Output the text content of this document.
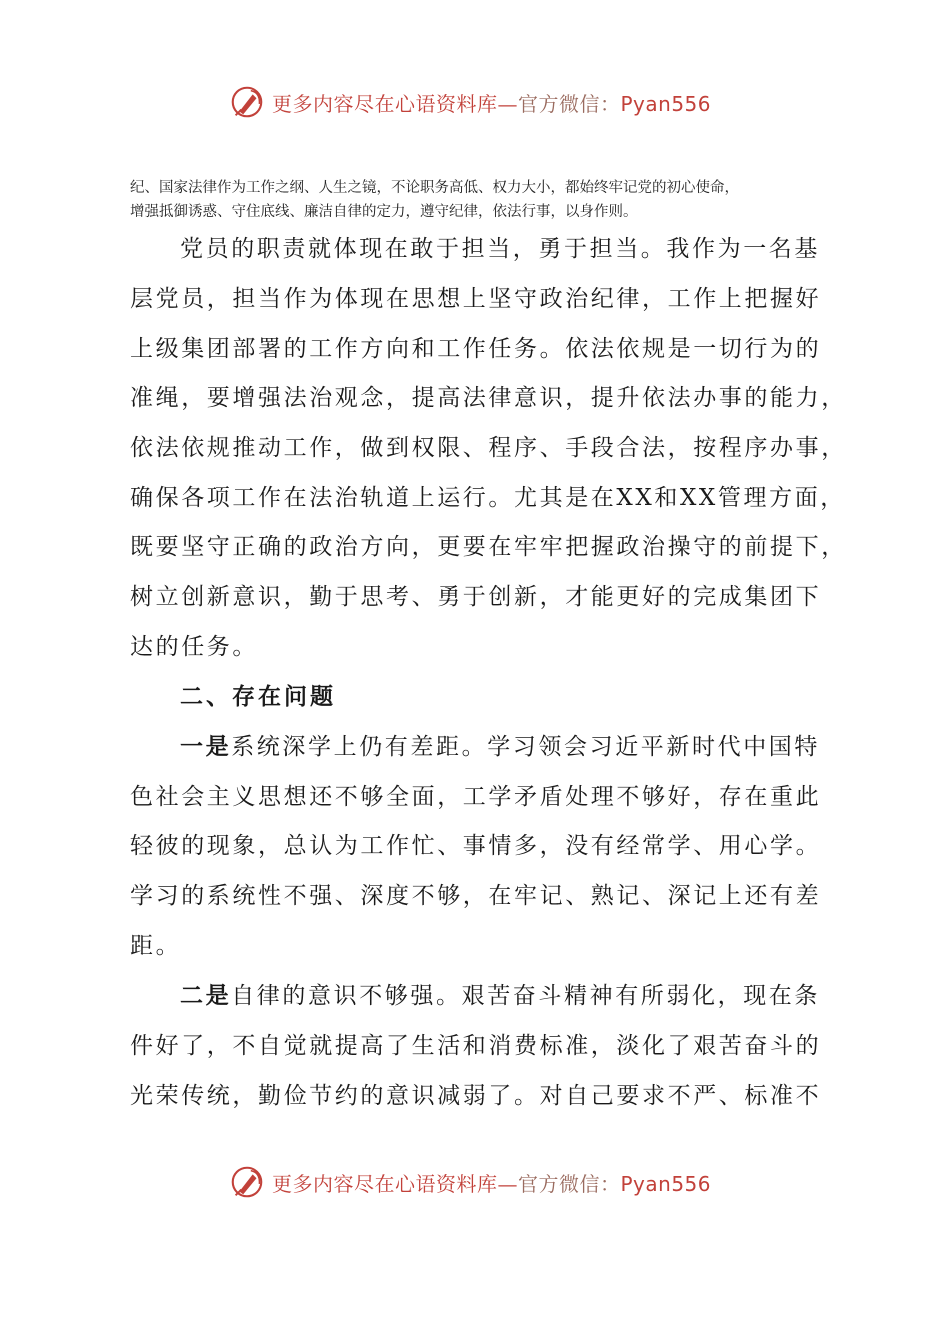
更多内容尽在心语资料库—官方微信：Pyan556
纪、国家法律作为工作之纲、人生之镜，不论职务高低、权力大小，都始终牢记党的初心使命，
增强抵御诱惑、守住底线、廉洁自律的定力，遵守纪律，依法行事，以身作则。
党员的职责就体现在敢于担当，勇于担当。我作为一名基
层党员，担当作为体现在思想上坚守政治纪律，工作上把握好
上级集团部署的工作方向和工作任务。依法依规是一切行为的
准绳，要增强法治观念，提高法律意识，提升依法办事的能力，
依法依规推动工作，做到权限、程序、手段合法，按程序办事，
确保各项工作在法治轨道上运行。尤其是在XX和XX管理方面，
既要坚守正确的政治方向，更要在牢牢把握政治操守的前提下，
树立创新意识，勤于思考、勇于创新，才能更好的完成集团下
达的任务。
二、存在问题
一是系统深学上仍有差距。学习领会习近平新时代中国特
色社会主义思想还不够全面，工学矛盾处理不够好，存在重此
轻彼的现象，总认为工作忙、事情多，没有经常学、用心学。
学习的系统性不强、深度不够，在牢记、熟记、深记上还有差
距。
二是自律的意识不够强。艰苦奋斗精神有所弱化，现在条
件好了，不自觉就提高了生活和消费标准，淡化了艰苦奋斗的
光荣传统，勤俭节约的意识减弱了。对自己要求不严、标准不
更多内容尽在心语资料库—官方微信：Pyan556
